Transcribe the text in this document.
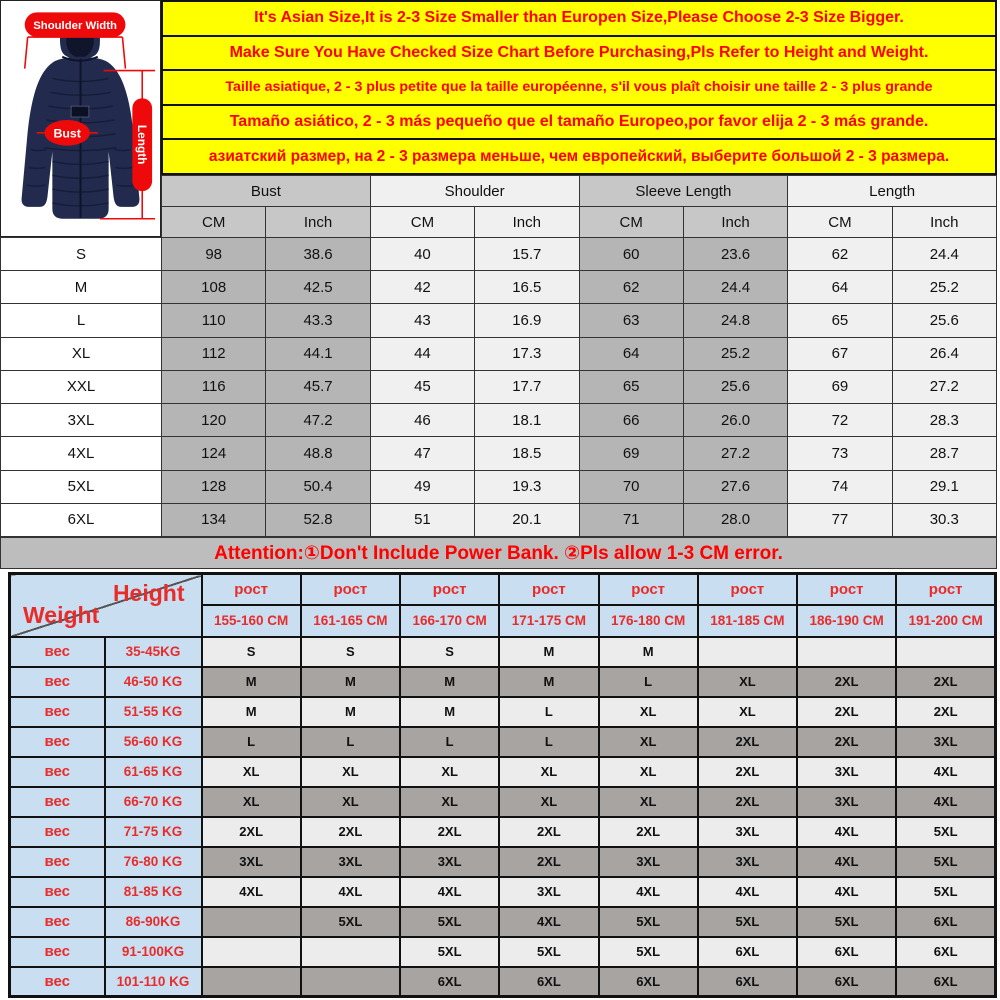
Shoulder Width
Bust	Length
It's Asian Size,It is 2-3 Size Smaller than Europen Size,Please Choose 2-3 Size Bigger.
Make Sure You Have Checked Size Chart Before Purchasing,Pls Refer to Height and Weight.
Taille asiatique, 2 - 3 plus petite que la taille européenne, s'il vous plaît choisir une taille 2 - 3 plus grande
Tamaño asiático, 2 - 3 más pequeño que el tamaño Europeo,por favor elija 2 - 3 más grande.
азиатский размер, на 2 - 3 размера меньше, чем европейский, выберите большой 2 - 3 размера.
Bust		Shoulder		Sleeve Length		Length	
CM	Inch	CM	Inch	CM	Inch	CM	Inch
S	98	38.6	40	15.7	60	23.6	62	24.4
M	108	42.5	42	16.5	62	24.4	64	25.2
L	110	43.3	43	16.9	63	24.8	65	25.6
XL	112	44.1	44	17.3	64	25.2	67	26.4
XXL	116	45.7	45	17.7	65	25.6	69	27.2
3XL	120	47.2	46	18.1	66	26.0	72	28.3
4XL	124	48.8	47	18.5	69	27.2	73	28.7
5XL	128	50.4	49	19.3	70	27.6	74	29.1
6XL	134	52.8	51	20.1	71	28.0	77	30.3
Attention:①Don't Include Power Bank. ②Pls allow 1-3 CM error.
Height
Weight		рост	рост	рост	рост	рост	рост	рост	рост
		155-160 CM	161-165 CM	166-170 CM	171-175 CM	176-180 CM	181-185 CM	186-190 CM	191-200 CM
вес	35-45KG	S	S	S	M	M			
вес	46-50 KG	M	M	M	M	L	XL	2XL	2XL
вес	51-55 KG	M	M	M	L	XL	XL	2XL	2XL
вес	56-60 KG	L	L	L	L	XL	2XL	2XL	3XL
вес	61-65 KG	XL	XL	XL	XL	XL	2XL	3XL	4XL
вес	66-70 KG	XL	XL	XL	XL	XL	2XL	3XL	4XL
вес	71-75 KG	2XL	2XL	2XL	2XL	2XL	3XL	4XL	5XL
вес	76-80 KG	3XL	3XL	3XL	2XL	3XL	3XL	4XL	5XL
вес	81-85 KG	4XL	4XL	4XL	3XL	4XL	4XL	4XL	5XL
вес	86-90KG		5XL	5XL	4XL	5XL	5XL	5XL	6XL
вес	91-100KG			5XL	5XL	5XL	6XL	6XL	6XL
вес	101-110 KG			6XL	6XL	6XL	6XL	6XL	6XL
